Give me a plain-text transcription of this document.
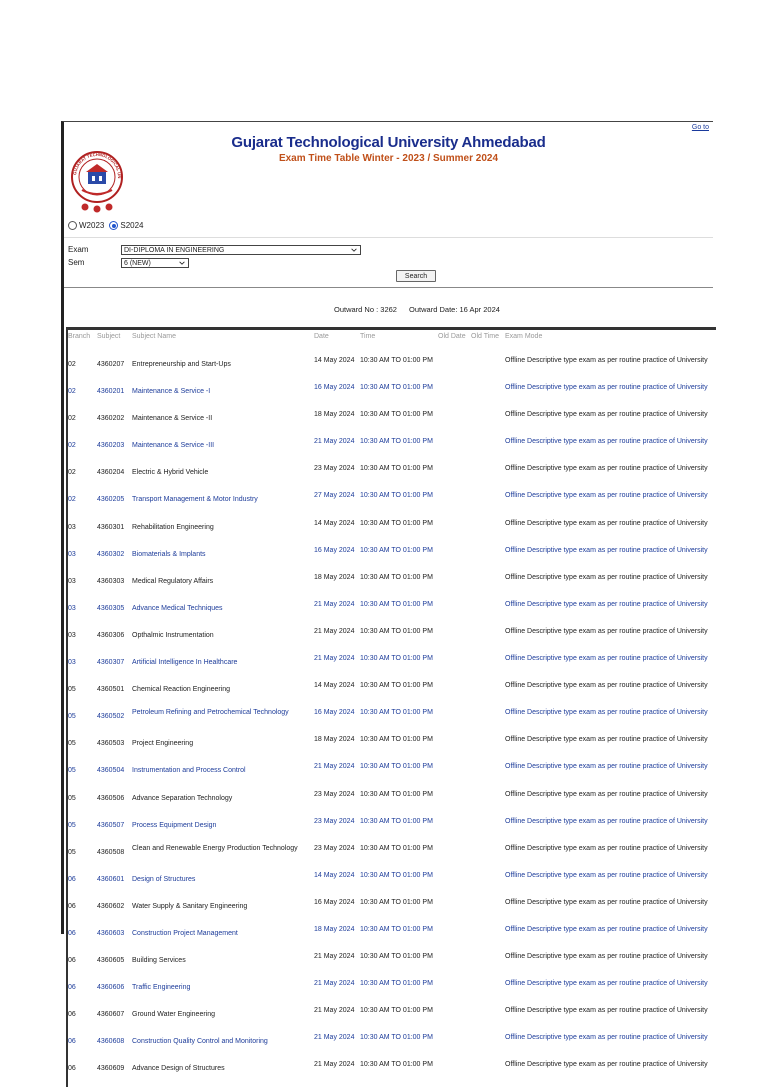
Go to
GUJARAT TECHNOLOGICAL UN
Gujarat Technological University Ahmedabad
Exam Time Table Winter - 2023 / Summer 2024
W2023 S2024
Exam	DI-DIPLOMA IN ENGINEERING
Sem	6 (NEW)
Search
Outward No : 3262 Outward Date: 16 Apr 2024
Branch	Subject	Subject Name	Date	Time	Old Date	Old Time	Exam Mode
02	4360207	Entrepreneurship and Start-Ups	14 May 2024	10:30 AM TO 01:00 PM			Offline Descriptive type exam as per routine practice of University
02	4360201	Maintenance & Service -I	16 May 2024	10:30 AM TO 01:00 PM			Offline Descriptive type exam as per routine practice of University
02	4360202	Maintenance & Service -II	18 May 2024	10:30 AM TO 01:00 PM			Offline Descriptive type exam as per routine practice of University
02	4360203	Maintenance & Service -III	21 May 2024	10:30 AM TO 01:00 PM			Offline Descriptive type exam as per routine practice of University
02	4360204	Electric & Hybrid Vehicle	23 May 2024	10:30 AM TO 01:00 PM			Offline Descriptive type exam as per routine practice of University
02	4360205	Transport Management & Motor Industry	27 May 2024	10:30 AM TO 01:00 PM			Offline Descriptive type exam as per routine practice of University
03	4360301	Rehabilitation Engineering	14 May 2024	10:30 AM TO 01:00 PM			Offline Descriptive type exam as per routine practice of University
03	4360302	Biomaterials & Implants	16 May 2024	10:30 AM TO 01:00 PM			Offline Descriptive type exam as per routine practice of University
03	4360303	Medical Regulatory Affairs	18 May 2024	10:30 AM TO 01:00 PM			Offline Descriptive type exam as per routine practice of University
03	4360305	Advance Medical Techniques	21 May 2024	10:30 AM TO 01:00 PM			Offline Descriptive type exam as per routine practice of University
03	4360306	Opthalmic Instrumentation	21 May 2024	10:30 AM TO 01:00 PM			Offline Descriptive type exam as per routine practice of University
03	4360307	Artificial Intelligence In Healthcare	21 May 2024	10:30 AM TO 01:00 PM			Offline Descriptive type exam as per routine practice of University
05	4360501	Chemical Reaction Engineering	14 May 2024	10:30 AM TO 01:00 PM			Offline Descriptive type exam as per routine practice of University
05	4360502	Petroleum Refining and Petrochemical Technology	16 May 2024	10:30 AM TO 01:00 PM			Offline Descriptive type exam as per routine practice of University
05	4360503	Project Engineering	18 May 2024	10:30 AM TO 01:00 PM			Offline Descriptive type exam as per routine practice of University
05	4360504	Instrumentation and Process Control	21 May 2024	10:30 AM TO 01:00 PM			Offline Descriptive type exam as per routine practice of University
05	4360506	Advance Separation Technology	23 May 2024	10:30 AM TO 01:00 PM			Offline Descriptive type exam as per routine practice of University
05	4360507	Process Equipment Design	23 May 2024	10:30 AM TO 01:00 PM			Offline Descriptive type exam as per routine practice of University
05	4360508	Clean and Renewable Energy Production Technology	23 May 2024	10:30 AM TO 01:00 PM			Offline Descriptive type exam as per routine practice of University
06	4360601	Design of Structures	14 May 2024	10:30 AM TO 01:00 PM			Offline Descriptive type exam as per routine practice of University
06	4360602	Water Supply & Sanitary Engineering	16 May 2024	10:30 AM TO 01:00 PM			Offline Descriptive type exam as per routine practice of University
06	4360603	Construction Project Management	18 May 2024	10:30 AM TO 01:00 PM			Offline Descriptive type exam as per routine practice of University
06	4360605	Building Services	21 May 2024	10:30 AM TO 01:00 PM			Offline Descriptive type exam as per routine practice of University
06	4360606	Traffic Engineering	21 May 2024	10:30 AM TO 01:00 PM			Offline Descriptive type exam as per routine practice of University
06	4360607	Ground Water Engineering	21 May 2024	10:30 AM TO 01:00 PM			Offline Descriptive type exam as per routine practice of University
06	4360608	Construction Quality Control and Monitoring	21 May 2024	10:30 AM TO 01:00 PM			Offline Descriptive type exam as per routine practice of University
06	4360609	Advance Design of Structures	21 May 2024	10:30 AM TO 01:00 PM			Offline Descriptive type exam as per routine practice of University
